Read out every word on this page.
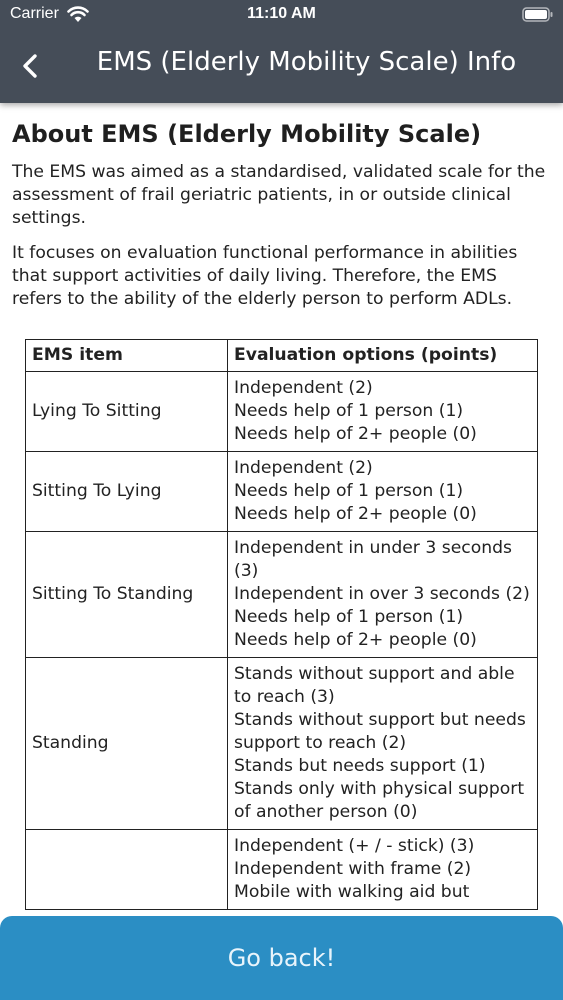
Carrier	11:10 AM
EMS (Elderly Mobility Scale) Info
About EMS (Elderly Mobility Scale)

The EMS was aimed as a standardised, validated scale for the assessment of frail geriatric patients, in or outside clinical settings.

It focuses on evaluation functional performance in abilities that support activities of daily living. Therefore, the EMS refers to the ability of the elderly person to perform ADLs.

EMS item	Evaluation options (points)
Lying To Sitting	Independent (2)
Needs help of 1 person (1)
Needs help of 2+ people (0)

Sitting To Lying	Independent (2)
Needs help of 1 person (1)
Needs help of 2+ people (0)

Sitting To Standing	Independent in under 3 seconds (3)
Independent in over 3 seconds (2)
Needs help of 1 person (1)
Needs help of 2+ people (0)

Standing	Stands without support and able to reach (3)
Stands without support but needs support to reach (2)
Stands but needs support (1)
Stands only with physical support of another person (0)

	Independent (+ / - stick) (3)
Independent with frame (2)
Mobile with walking aid but
Go back!
